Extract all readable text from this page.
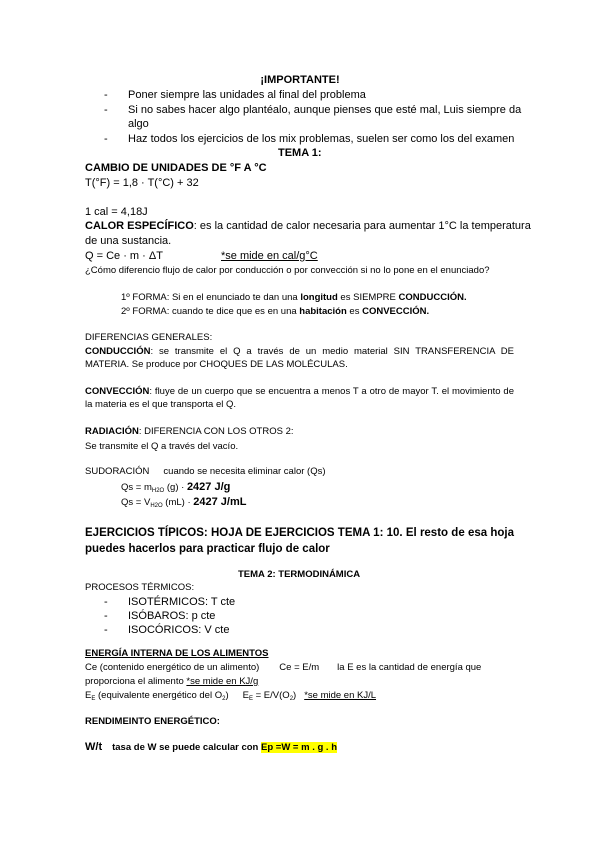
¡IMPORTANTE!
- Poner siempre las unidades al final del problema
- Si no sabes hacer algo plantéalo, aunque pienses que esté mal, Luis siempre da
algo
- Haz todos los ejercicios de los mix problemas, suelen ser como los del examen
TEMA 1:
CAMBIO DE UNIDADES DE °F A °C
T(°F) = 1,8 · T(°C) + 32
1 cal = 4,18J
CALOR ESPECÍFICO: es la cantidad de calor necesaria para aumentar 1°C la temperatura
de una sustancia.
Q = Ce · m · ΔT	*se mide en cal/g°C
¿Cómo diferencio flujo de calor por conducción o por convección si no lo pone en el enunciado?
1º FORMA: Si en el enunciado te dan una longitud es SIEMPRE CONDUCCIÓN.
2º FORMA: cuando te dice que es en una habitación es CONVECCIÓN.
DIFERENCIAS GENERALES:
CONDUCCIÓN: se transmite el Q a través de un medio material SIN TRANSFERENCIA DE MATERIA. Se produce por CHOQUES DE LAS MOLÉCULAS.
CONVECCIÓN: fluye de un cuerpo que se encuentra a menos T a otro de mayor T. el movimiento de la materia es el que transporta el Q.
RADIACIÓN: DIFERENCIA CON LOS OTROS 2:
Se transmite el Q a través del vacío.
SUDORACIÓN cuando se necesita eliminar calor (Qs)
$Qs = m_{H2O}$ (g) · 2427 J/g
$Qs = V_{H2O}$ (mL) · 2427 J/mL
EJERCICIOS TÍPICOS: HOJA DE EJERCICIOS TEMA 1: 10. El resto de esa hoja puedes hacerlos para practicar flujo de calor
TEMA 2: TERMODINÁMICA
PROCESOS TÉRMICOS:
- ISOTÉRMICOS: T cte
- ISÓBAROS: p cte
- ISOCÓRICOS: V cte
ENERGÍA INTERNA DE LOS ALIMENTOS
Ce (contenido energético de un alimento) Ce = E/m la E es la cantidad de energía que
proporciona el alimento *se mide en KJ/g
$E_E$ (equivalente energético del $O_2$) $E_E = E/V(O_2)$ *se mide en KJ/L
RENDIMEINTO ENERGÉTICO:
W/t tasa de W se puede calcular con Ep =W = m . g . h
